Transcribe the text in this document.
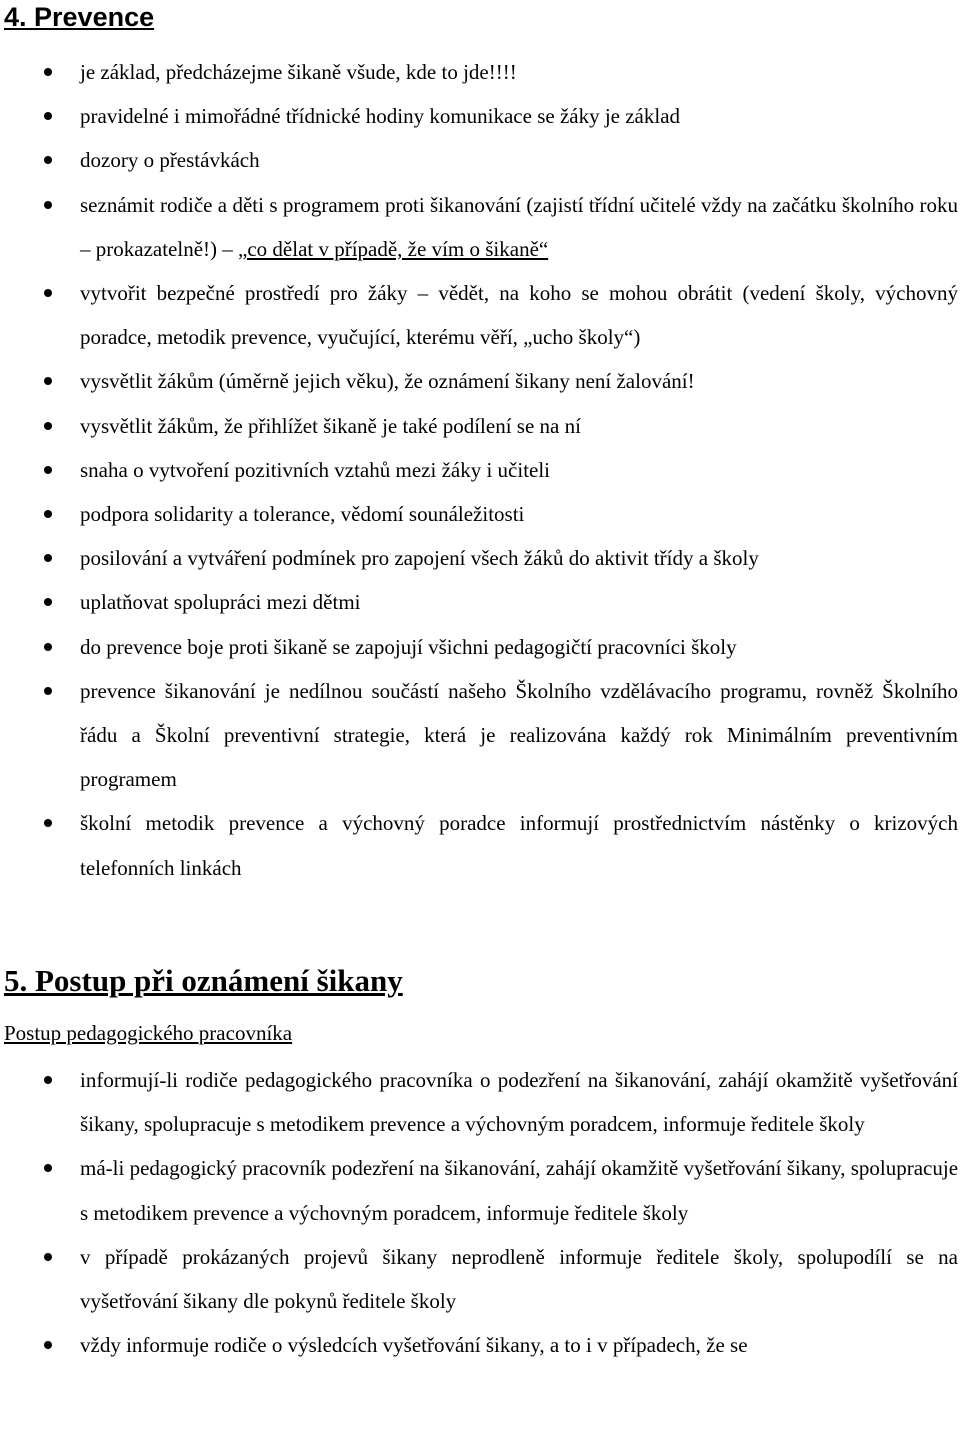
4. Prevence
je základ, předcházejme šikaně všude, kde to jde!!!!
pravidelné i mimořádné třídnické hodiny komunikace se žáky je základ
dozory o přestávkách
seznámit rodiče a děti s programem proti šikanování (zajistí třídní učitelé vždy na začátku školního roku – prokazatelně!) – „co dělat v případě, že vím o šikaně“
vytvořit bezpečné prostředí pro žáky – vědět, na koho se mohou obrátit (vedení školy, výchovný poradce, metodik prevence, vyučující, kterému věří, „ucho školy“)
vysvětlit žákům (úměrně jejich věku), že oznámení šikany není žalování!
vysvětlit žákům, že přihlížet šikaně je také podílení se na ní
snaha o vytvoření pozitivních vztahů mezi žáky i učiteli
podpora solidarity a tolerance, vědomí sounáležitosti
posilování a vytváření podmínek pro zapojení všech žáků do aktivit třídy a školy
uplatňovat spolupráci mezi dětmi
do prevence boje proti šikaně se zapojují všichni pedagogičtí pracovníci školy
prevence šikanování je nedílnou součástí našeho Školního vzdělávacího programu, rovněž Školního řádu a Školní preventivní strategie, která je realizována každý rok Minimálním preventivním programem
školní metodik prevence a výchovný poradce informují prostřednictvím nástěnky o krizových telefonních linkách
5. Postup při oznámení šikany
Postup pedagogického pracovníka
informují-li rodiče pedagogického pracovníka o podezření na šikanování, zahájí okamžitě vyšetřování šikany, spolupracuje s metodikem prevence a výchovným poradcem, informuje ředitele školy
má-li pedagogický pracovník podezření na šikanování, zahájí okamžitě vyšetřování šikany, spolupracuje s metodikem prevence a výchovným poradcem, informuje ředitele školy
v případě prokázaných projevů šikany neprodleně informuje ředitele školy, spolupodílí se na vyšetřování šikany dle pokynů ředitele školy
vždy informuje rodiče o výsledcích vyšetřování šikany, a to i v případech, že se
